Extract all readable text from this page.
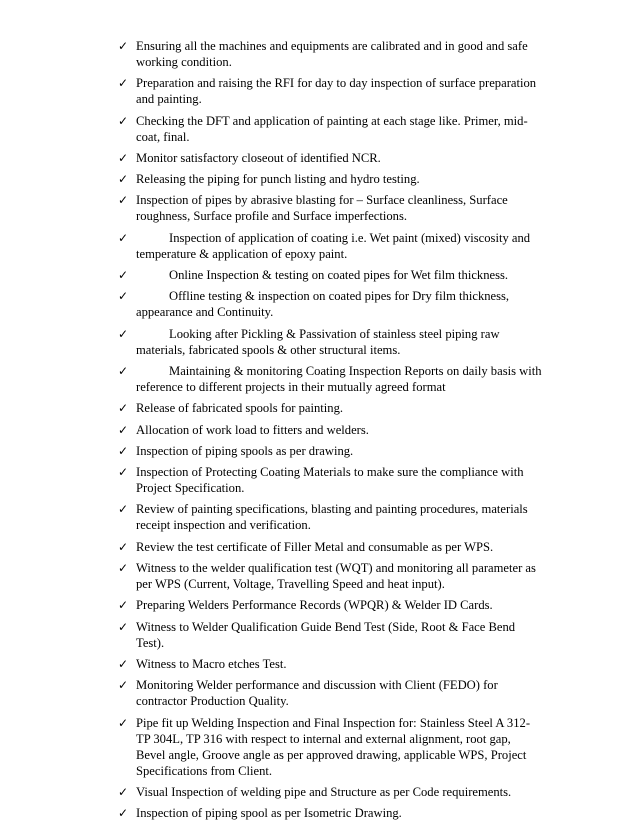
✓ Ensuring all the machines and equipments are calibrated and in good and safe working condition.
✓ Preparation and raising the RFI for day to day inspection of surface preparation and painting.
✓ Checking the DFT and application of painting at each stage like. Primer, mid-coat, final.
✓ Monitor satisfactory closeout of identified NCR.
✓ Releasing the piping for punch listing and hydro testing.
✓ Inspection of pipes by abrasive blasting for – Surface cleanliness, Surface roughness, Surface profile and Surface imperfections.
✓	Inspection of application of coating i.e. Wet paint (mixed) viscosity and temperature & application of epoxy paint.
✓	Online Inspection & testing on coated pipes for Wet film thickness.
✓	Offline testing & inspection on coated pipes for Dry film thickness, appearance and Continuity.
✓	Looking after Pickling & Passivation of stainless steel piping raw materials, fabricated spools & other structural items.
✓	Maintaining & monitoring Coating Inspection Reports on daily basis with reference to different projects in their mutually agreed format
✓ Release of fabricated spools for painting.
✓ Allocation of work load to fitters and welders.
✓ Inspection of piping spools as per drawing.
✓ Inspection of Protecting Coating Materials to make sure the compliance with Project Specification.
✓ Review of painting specifications, blasting and painting procedures, materials receipt inspection and verification.
✓ Review the test certificate of Filler Metal and consumable as per WPS.
✓ Witness to the welder qualification test (WQT) and monitoring all parameter as per WPS (Current, Voltage, Travelling Speed and heat input).
✓ Preparing Welders Performance Records (WPQR) & Welder ID Cards.
✓ Witness to Welder Qualification Guide Bend Test (Side, Root & Face Bend Test).
✓ Witness to Macro etches Test.
✓ Monitoring Welder performance and discussion with Client (FEDO) for contractor Production Quality.
✓ Pipe fit up Welding Inspection and Final Inspection for: Stainless Steel A 312-TP 304L, TP 316 with respect to internal and external alignment, root gap, Bevel angle, Groove angle as per approved drawing, applicable WPS, Project Specifications from Client.
✓ Visual Inspection of welding pipe and Structure as per Code requirements.
✓ Inspection of piping spool as per Isometric Drawing.
